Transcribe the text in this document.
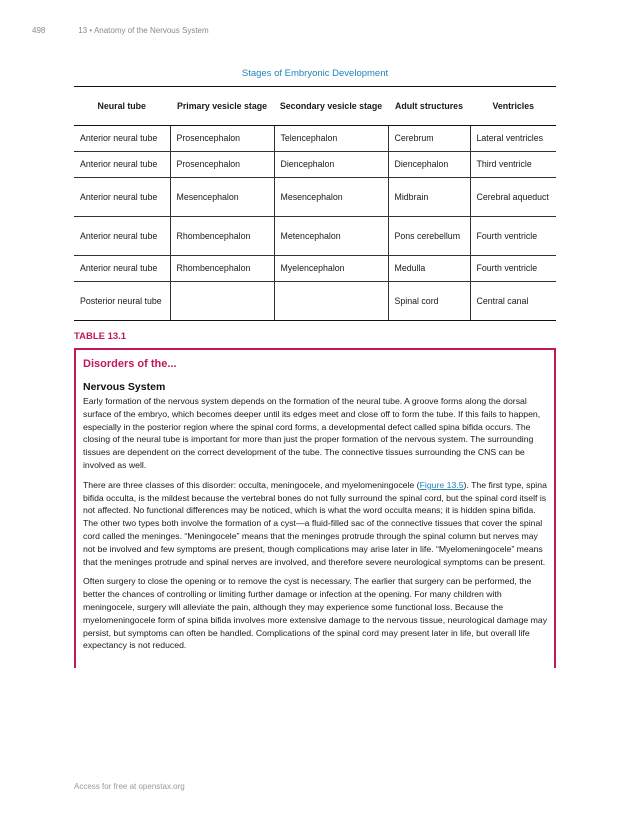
498	13 • Anatomy of the Nervous System
Stages of Embryonic Development
Neural tube	Primary vesicle stage	Secondary vesicle stage	Adult structures	Ventricles
Anterior neural tube	Prosencephalon	Telencephalon	Cerebrum	Lateral ventricles
Anterior neural tube	Prosencephalon	Diencephalon	Diencephalon	Third ventricle
Anterior neural tube	Mesencephalon	Mesencephalon	Midbrain	Cerebral aqueduct
Anterior neural tube	Rhombencephalon	Metencephalon	Pons cerebellum	Fourth ventricle
Anterior neural tube	Rhombencephalon	Myelencephalon	Medulla	Fourth ventricle
Posterior neural tube			Spinal cord	Central canal
TABLE 13.1
Disorders of the...
Nervous System

Early formation of the nervous system depends on the formation of the neural tube. A groove forms along the dorsal surface of the embryo, which becomes deeper until its edges meet and close off to form the tube. If this fails to happen, especially in the posterior region where the spinal cord forms, a developmental defect called spina bifida occurs. The closing of the neural tube is important for more than just the proper formation of the nervous system. The surrounding tissues are dependent on the correct development of the tube. The connective tissues surrounding the CNS can be involved as well.

There are three classes of this disorder: occulta, meningocele, and myelomeningocele (Figure 13.5). The first type, spina bifida occulta, is the mildest because the vertebral bones do not fully surround the spinal cord, but the spinal cord itself is not affected. No functional differences may be noticed, which is what the word occulta means; it is hidden spina bifida. The other two types both involve the formation of a cyst—a fluid-filled sac of the connective tissues that cover the spinal cord called the meninges. “Meningocele” means that the meninges protrude through the spinal column but nerves may not be involved and few symptoms are present, though complications may arise later in life. “Myelomeningocele” means that the meninges protrude and spinal nerves are involved, and therefore severe neurological symptoms can be present.

Often surgery to close the opening or to remove the cyst is necessary. The earlier that surgery can be performed, the better the chances of controlling or limiting further damage or infection at the opening. For many children with meningocele, surgery will alleviate the pain, although they may experience some functional loss. Because the myelomeningocele form of spina bifida involves more extensive damage to the nervous tissue, neurological damage may persist, but symptoms can often be handled. Complications of the spinal cord may present later in life, but overall life expectancy is not reduced.

Access for free at openstax.org
